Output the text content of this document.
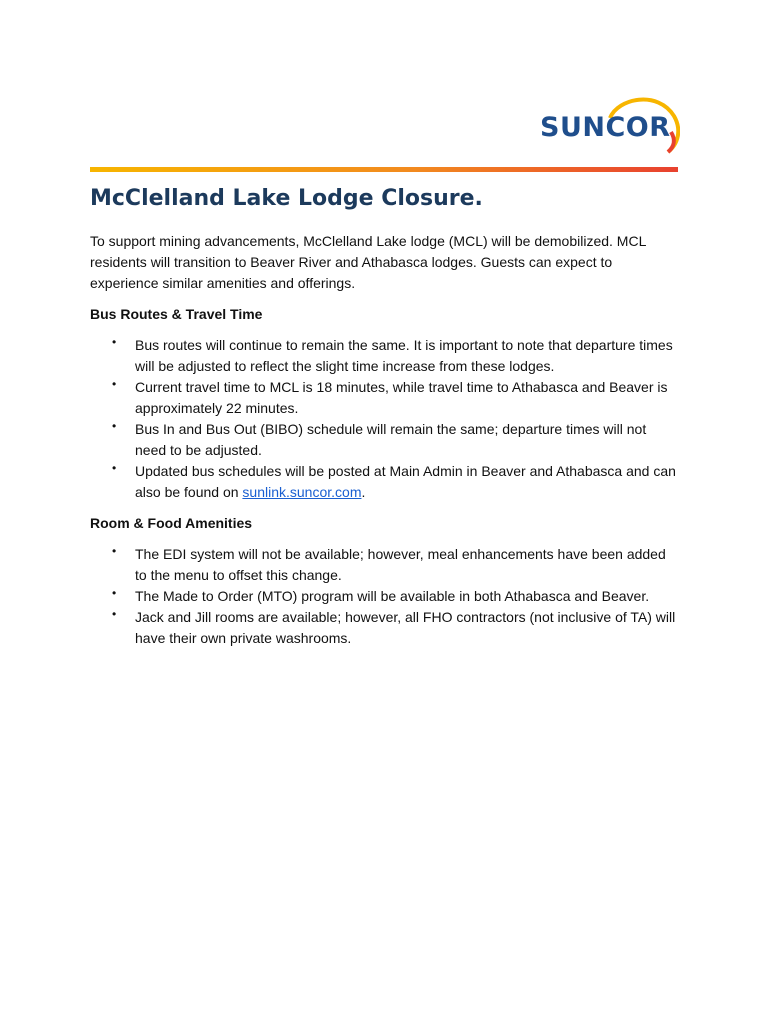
SUNCOR
McClelland Lake Lodge Closure.

To support mining advancements, McClelland Lake lodge (MCL) will be demobilized. MCL residents will transition to Beaver River and Athabasca lodges. Guests can expect to experience similar amenities and offerings.

Bus Routes & Travel Time

• Bus routes will continue to remain the same. It is important to note that departure times will be adjusted to reflect the slight time increase from these lodges.
• Current travel time to MCL is 18 minutes, while travel time to Athabasca and Beaver is approximately 22 minutes.
• Bus In and Bus Out (BIBO) schedule will remain the same; departure times will not need to be adjusted.
• Updated bus schedules will be posted at Main Admin in Beaver and Athabasca and can also be found on sunlink.suncor.com.

Room & Food Amenities

• The EDI system will not be available; however, meal enhancements have been added to the menu to offset this change.
• The Made to Order (MTO) program will be available in both Athabasca and Beaver.
• Jack and Jill rooms are available; however, all FHO contractors (not inclusive of TA) will have their own private washrooms.
